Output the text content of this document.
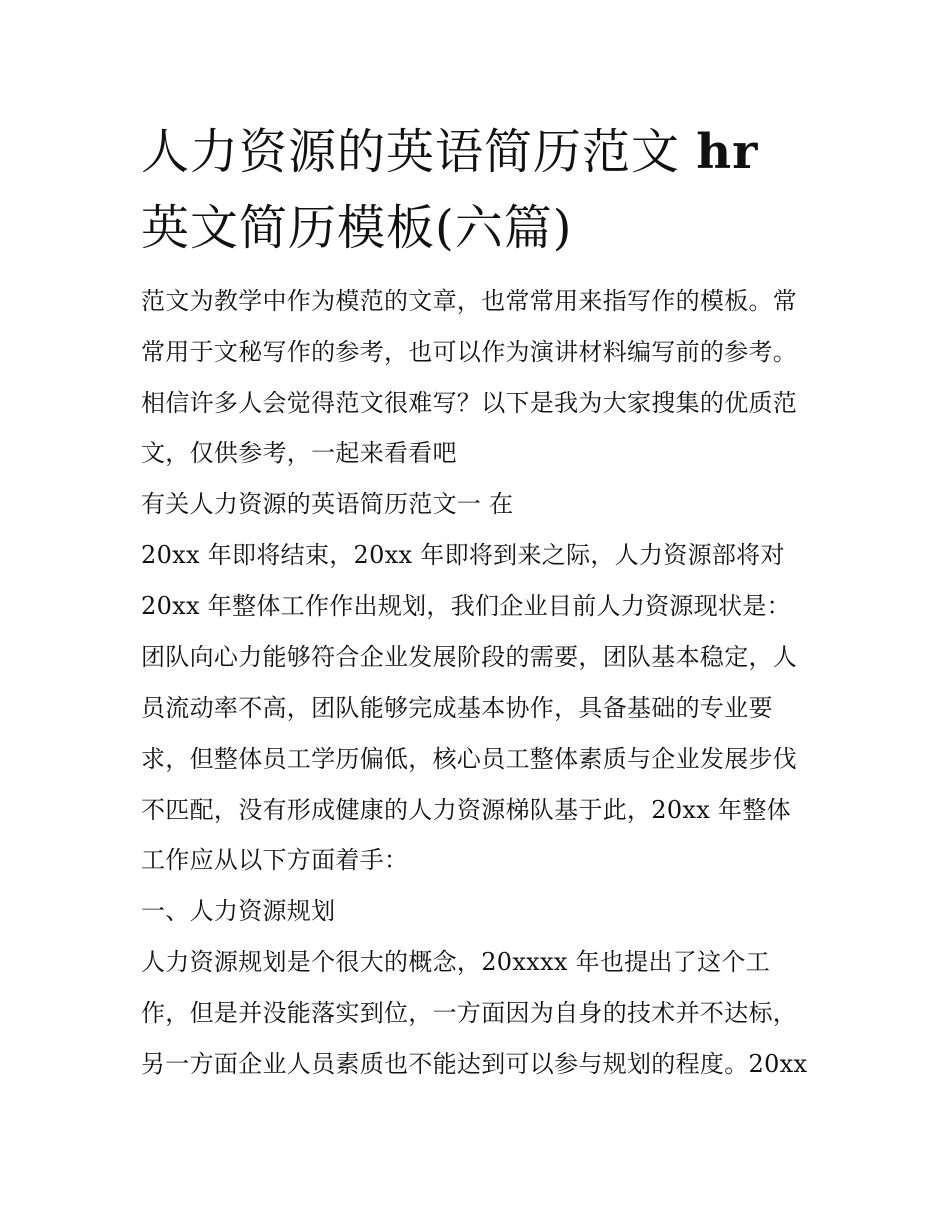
人力资源的英语简历范文 hr
英文简历模板(六篇)
范文为教学中作为模范的文章，也常常用来指写作的模板。常
常用于文秘写作的参考，也可以作为演讲材料编写前的参考。
相信许多人会觉得范文很难写？以下是我为大家搜集的优质范
文，仅供参考，一起来看看吧
有关人力资源的英语简历范文一 在
20xx 年即将结束，20xx 年即将到来之际，人力资源部将对
20xx 年整体工作作出规划，我们企业目前人力资源现状是：
团队向心力能够符合企业发展阶段的需要，团队基本稳定，人
员流动率不高，团队能够完成基本协作，具备基础的专业要
求，但整体员工学历偏低，核心员工整体素质与企业发展步伐
不匹配，没有形成健康的人力资源梯队基于此，20xx 年整体
工作应从以下方面着手：
一、人力资源规划
人力资源规划是个很大的概念，20xxxx 年也提出了这个工
作，但是并没能落实到位，一方面因为自身的技术并不达标，
另一方面企业人员素质也不能达到可以参与规划的程度。20xx
